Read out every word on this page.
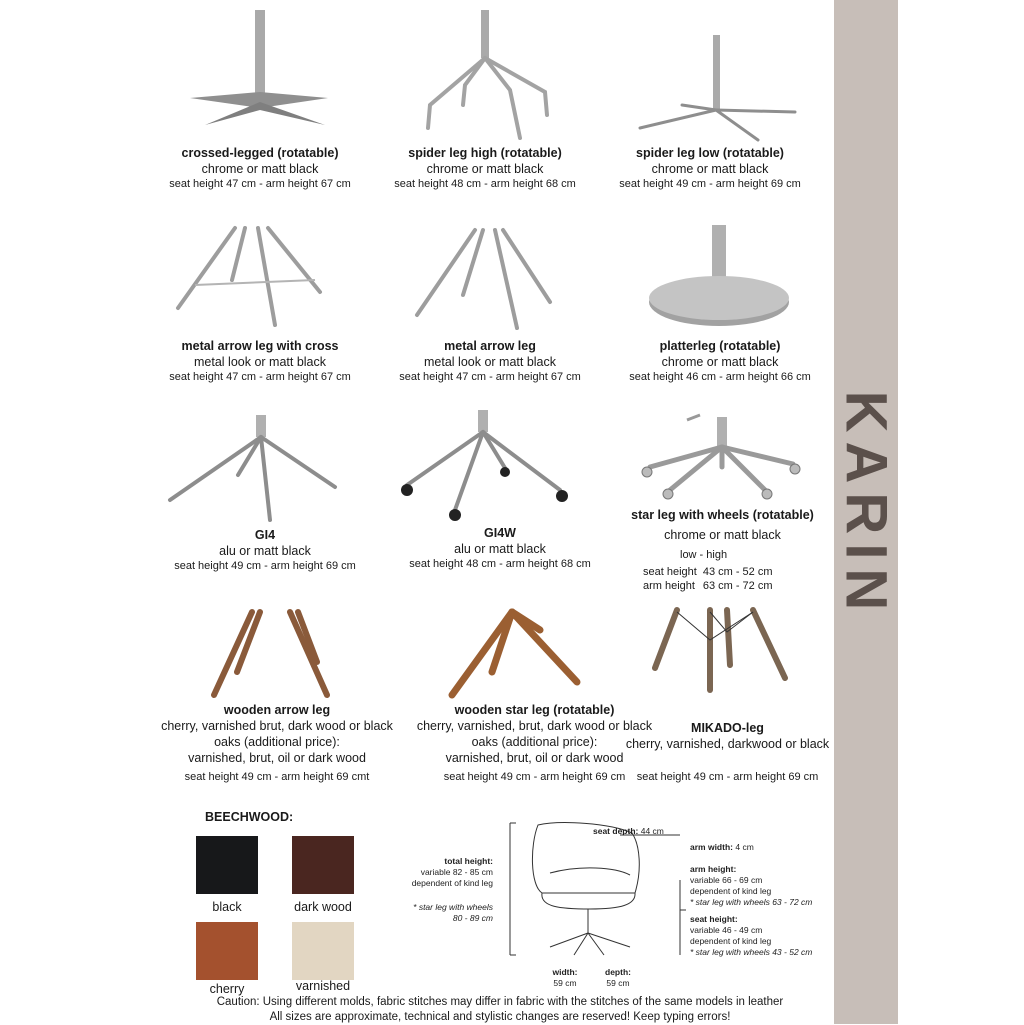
KARIN
crossed-legged (rotatable)
chrome or matt black
seat height 47 cm - arm height 67 cm
spider leg high (rotatable)
chrome or matt black
seat height 48 cm - arm height 68 cm
spider leg low (rotatable)
chrome or matt black
seat height 49 cm - arm height 69 cm
metal arrow leg with cross
metal look or matt black
seat height 47 cm - arm height 67 cm
metal arrow leg
metal look or matt black
seat height 47 cm - arm height 67 cm
platterleg (rotatable)
chrome or matt black
seat height 46 cm - arm height 66 cm
GI4
alu or matt black
seat height 49 cm - arm height 69 cm
GI4W
alu or matt black
seat height 48 cm - arm height 68 cm
star leg with wheels (rotatable)
chrome or matt black
low - high
seat height	43 cm - 52 cm
arm height	63 cm - 72 cm
wooden arrow leg
cherry, varnished brut, dark wood or black
oaks (additional price):
varnished, brut, oil or dark wood
seat height 49 cm - arm height 69 cmt
wooden star leg (rotatable)
cherry, varnished, brut, dark wood or black
oaks (additional price):
varnished, brut, oil or dark wood
seat height 49 cm - arm height 69 cm
MIKADO-leg
cherry, varnished, darkwood or black
seat height 49 cm - arm height 69 cm
BEECHWOOD:
black	dark wood
cherry	varnished
seat depth: 44 cm
arm width: 4 cm
arm height:
variable 66 - 69 cm
dependent of kind leg
* star leg with wheels 63 - 72 cm
seat height:
variable 46 - 49 cm
dependent of kind leg
* star leg with wheels 43 - 52 cm
total height:
variable 82 - 85 cm
dependent of kind leg
* star leg with wheels
80 - 89 cm
width:
59 cm
depth:
59 cm
Caution: Using different molds, fabric stitches may differ in fabric with the stitches of the same models in leather
All sizes are approximate, technical and stylistic changes are reserved! Keep typing errors!
